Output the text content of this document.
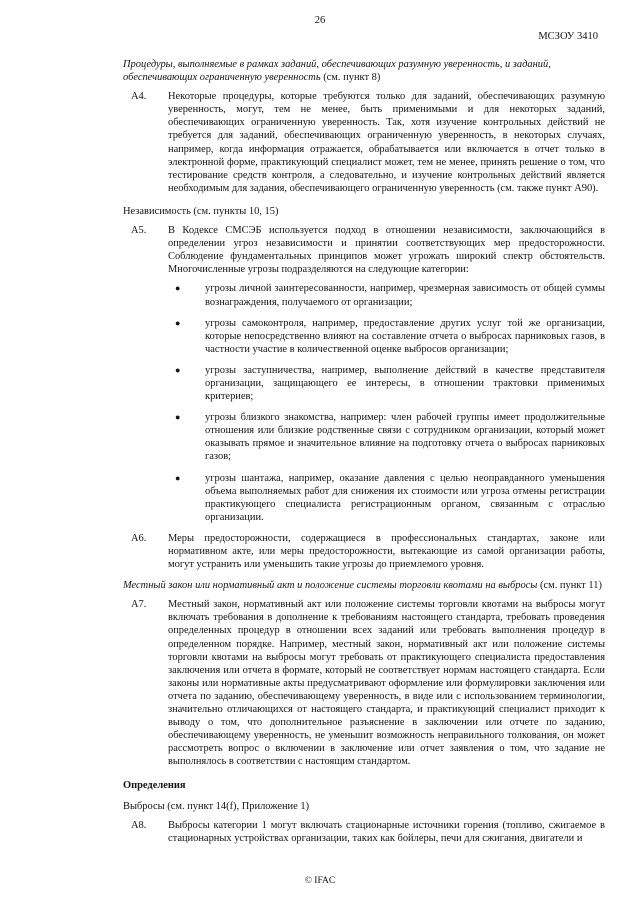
26
МСЗОУ 3410

Процедуры, выполняемые в рамках заданий, обеспечивающих разумную уверенность, и заданий, обеспечивающих ограниченную уверенность (см. пункт 8)

A4.	Некоторые процедуры, которые требуются только для заданий, обеспечивающих разумную уверенность, могут, тем не менее, быть применимыми и для некоторых заданий, обеспечивающих ограниченную уверенность. Так, хотя изучение контрольных действий не требуется для заданий, обеспечивающих ограниченную уверенность, в некоторых случаях, например, когда информация отражается, обрабатывается или включается в отчет только в электронной форме, практикующий специалист может, тем не менее, принять решение о том, что тестирование средств контроля, а следовательно, и изучение контрольных действий является необходимым для задания, обеспечивающего ограниченную уверенность (см. также пункт А90).

Независимость (см. пункты 10, 15)

A5.	В Кодексе СМСЭБ используется подход в отношении независимости, заключающийся в определении угроз независимости и принятии соответствующих мер предосторожности. Соблюдение фундаментальных принципов может угрожать широкий спектр обстоятельств. Многочисленные угрозы подразделяются на следующие категории:
●	угрозы личной заинтересованности, например, чрезмерная зависимость от общей суммы вознаграждения, получаемого от организации;
●	угрозы самоконтроля, например, предоставление других услуг той же организации, которые непосредственно влияют на составление отчета о выбросах парниковых газов, в частности участие в количественной оценке выбросов организации;
●	угрозы заступничества, например, выполнение действий в качестве представителя организации, защищающего ее интересы, в отношении трактовки применимых критериев;
●	угрозы близкого знакомства, например: член рабочей группы имеет продолжительные отношения или близкие родственные связи с сотрудником организации, который может оказывать прямое и значительное влияние на подготовку отчета о выбросах парниковых газов;
●	угрозы шантажа, например, оказание давления с целью неоправданного уменьшения объема выполняемых работ для снижения их стоимости или угроза отмены регистрации практикующего специалиста регистрационным органом, связанным с отраслью организации.
A6.	Меры предосторожности, содержащиеся в профессиональных стандартах, законе или нормативном акте, или меры предосторожности, вытекающие из самой организации работы, могут устранить или уменьшить такие угрозы до приемлемого уровня.

Местный закон или нормативный акт и положение системы торговли квотами на выбросы (см. пункт 11)

A7.	Местный закон, нормативный акт или положение системы торговли квотами на выбросы могут включать требования в дополнение к требованиям настоящего стандарта, требовать проведения определенных процедур в отношении всех заданий или требовать выполнения процедур в определенном порядке. Например, местный закон, нормативный акт или положение системы торговли квотами на выбросы могут требовать от практикующего специалиста предоставления заключения или отчета в формате, который не соответствует нормам настоящего стандарта. Если законы или нормативные акты предусматривают оформление или формулировки заключения или отчета по заданию, обеспечивающему уверенность, в виде или с использованием терминологии, значительно отличающихся от настоящего стандарта, и практикующий специалист приходит к выводу о том, что дополнительное разъяснение в заключении или отчете по заданию, обеспечивающему уверенность, не уменьшит возможность неправильного толкования, он может рассмотреть вопрос о включении в заключение или отчет заявления о том, что задание не выполнялось в соответствии с настоящим стандартом.

Определения

Выбросы (см. пункт 14(f), Приложение 1)

A8.	Выбросы категории 1 могут включать стационарные источники горения (топливо, сжигаемое в стационарных устройствах организации, таких как бойлеры, печи для сжигания, двигатели и
© IFAC
